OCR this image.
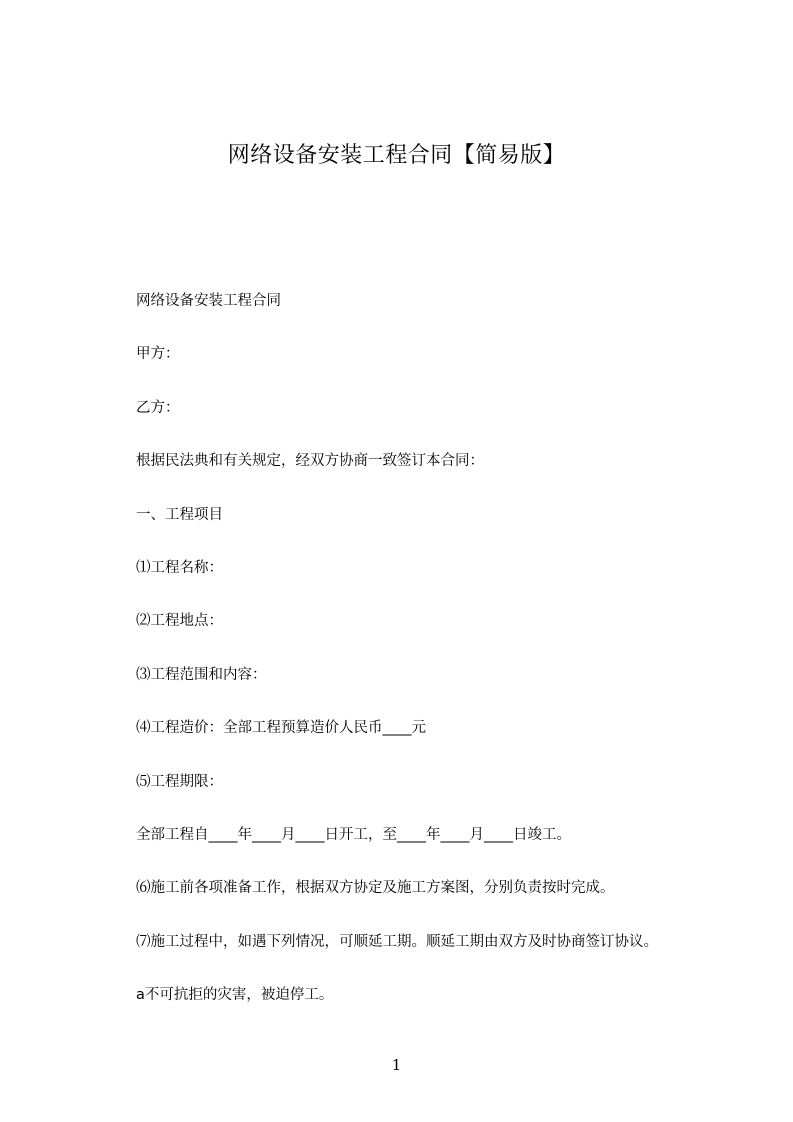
网络设备安装工程合同【简易版】
网络设备安装工程合同
甲方：
乙方：
根据民法典和有关规定，经双方协商一致签订本合同：
一、工程项目
⑴工程名称：
⑵工程地点：
⑶工程范围和内容：
⑷工程造价：全部工程预算造价人民币____元
⑸工程期限：
全部工程自____年____月____日开工，至____年____月____日竣工。
⑹施工前各项准备工作，根据双方协定及施工方案图，分别负责按时完成。
⑺施工过程中，如遇下列情况，可顺延工期。顺延工期由双方及时协商签订协议。
a不可抗拒的灾害，被迫停工。
1
